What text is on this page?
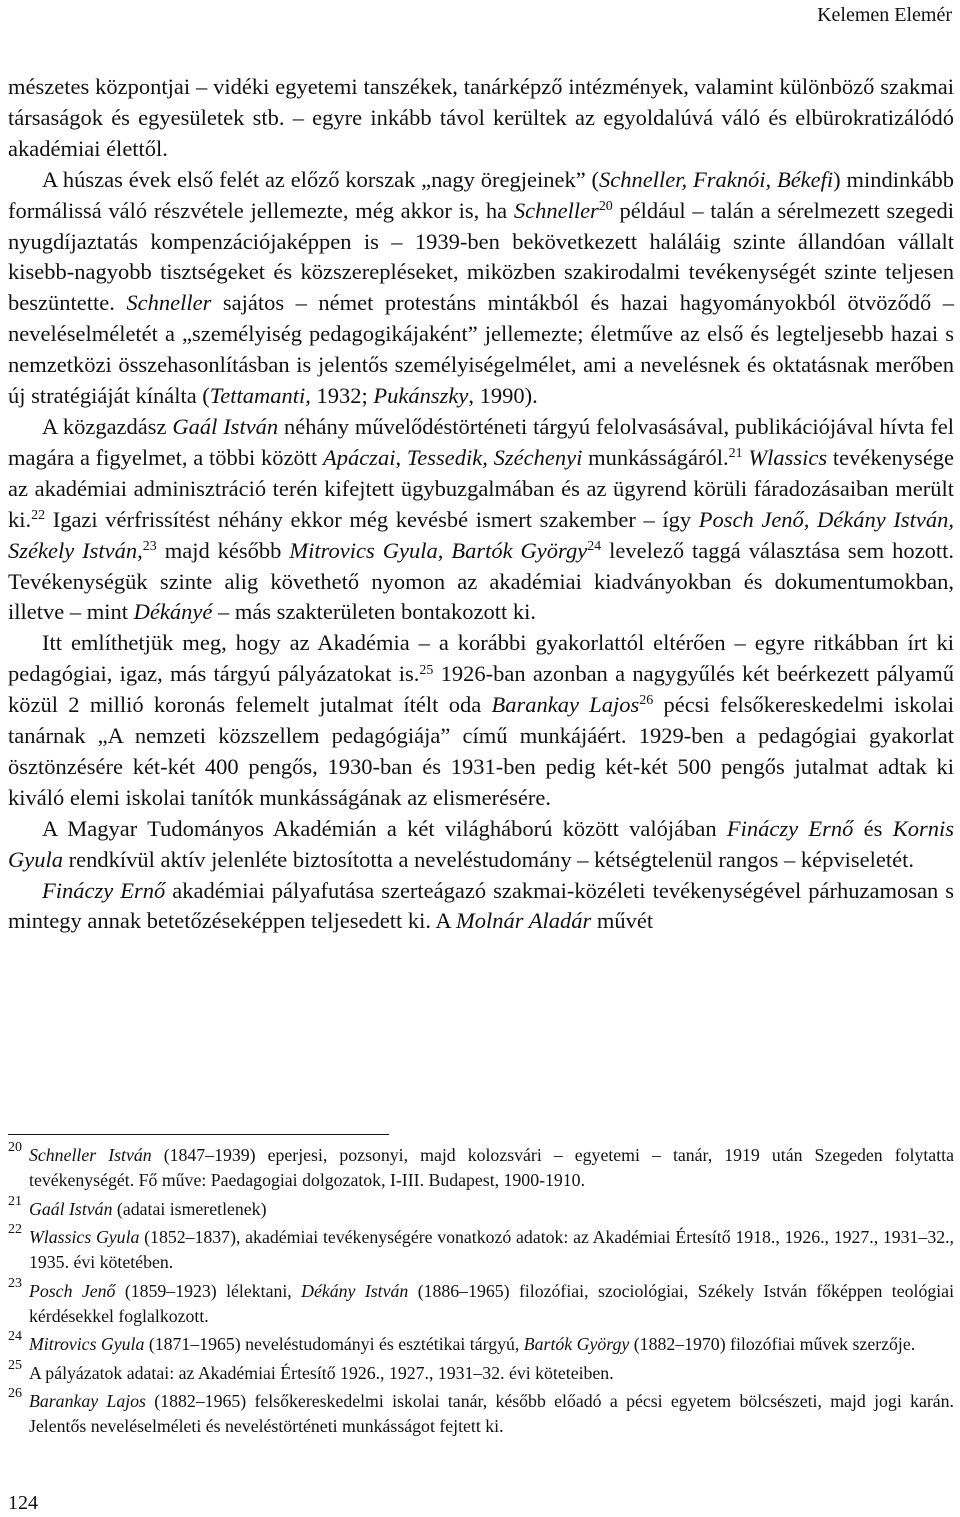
Kelemen Elemér

mészetes központjai – vidéki egyetemi tanszékek, tanárképző intézmények, valamint különböző szakmai társaságok és egyesületek stb. – egyre inkább távol kerültek az egyoldalúvá váló és elbürokratizálódó akadémiai élettől.

A húszas évek első felét az előző korszak „nagy öregjeinek” (Schneller, Fraknói, Békefi) mindinkább formálissá váló részvétele jellemezte, még akkor is, ha Schneller$^{20}$ például – talán a sérelmezett szegedi nyugdíjaztatás kompenzációjaképpen is – 1939-ben bekövetkezett haláláig szinte állandóan vállalt kisebb-nagyobb tisztségeket és közszerepléseket, miközben szakirodalmi tevékenységét szinte teljesen beszüntette. Schneller sajátos – német protestáns mintákból és hazai hagyományokból ötvöződő – neveléselméletét a „személyiség pedagogikájaként” jellemezte; életműve az első és legteljesebb hazai s nemzetközi összehasonlításban is jelentős személyiségelmélet, ami a nevelésnek és oktatásnak merőben új stratégiáját kínálta (Tettamanti, 1932; Pukánszky, 1990).

A közgazdász Gaál István néhány művelődéstörténeti tárgyú felolvasásával, publikációjával hívta fel magára a figyelmet, a többi között Apáczai, Tessedik, Széchenyi munkásságáról.$^{21}$ Wlassics tevékenysége az akadémiai adminisztráció terén kifejtett ügybuzgalmában és az ügyrend körüli fáradozásaiban merült ki.$^{22}$ Igazi vérfrissítést néhány ekkor még kevésbé ismert szakember – így Posch Jenő, Dékány István, Székely István,$^{23}$ majd később Mitrovics Gyula, Bartók György$^{24}$ levelező taggá választása sem hozott. Tevékenységük szinte alig követhető nyomon az akadémiai kiadványokban és dokumentumokban, illetve – mint Dékányé – más szakterületen bontakozott ki.

Itt említhetjük meg, hogy az Akadémia – a korábbi gyakorlattól eltérően – egyre ritkábban írt ki pedagógiai, igaz, más tárgyú pályázatokat is.$^{25}$ 1926-ban azonban a nagygyűlés két beérkezett pályamű közül 2 millió koronás felemelt jutalmat ítélt oda Barankay Lajos$^{26}$ pécsi felsőkereskedelmi iskolai tanárnak „A nemzeti közszellem pedagógiája” című munkájáért. 1929-ben a pedagógiai gyakorlat ösztönzésére két-két 400 pengős, 1930-ban és 1931-ben pedig két-két 500 pengős jutalmat adtak ki kiváló elemi iskolai tanítók munkásságának az elismerésére.

A Magyar Tudományos Akadémián a két világháború között valójában Fináczy Ernő és Kornis Gyula rendkívül aktív jelenléte biztosította a neveléstudomány – kétségtelenül rangos – képviseletét.

Fináczy Ernő akadémiai pályafutása szerteágazó szakmai-közéleti tevékenységével párhuzamosan s mintegy annak betetőzéseképpen teljesedett ki. A Molnár Aladár művét

20 Schneller István (1847–1939) eperjesi, pozsonyi, majd kolozsvári – egyetemi – tanár, 1919 után Szegeden folytatta tevékenységét. Fő műve: Paedagogiai dolgozatok, I-III. Budapest, 1900-1910.
21 Gaál István (adatai ismeretlenek)
22 Wlassics Gyula (1852–1837), akadémiai tevékenységére vonatkozó adatok: az Akadémiai Értesítő 1918., 1926., 1927., 1931–32., 1935. évi kötetében.
23 Posch Jenő (1859–1923) lélektani, Dékány István (1886–1965) filozófiai, szociológiai, Székely István főképpen teológiai kérdésekkel foglalkozott.
24 Mitrovics Gyula (1871–1965) neveléstudományi és esztétikai tárgyú, Bartók György (1882–1970) filozófiai művek szerzője.
25 A pályázatok adatai: az Akadémiai Értesítő 1926., 1927., 1931–32. évi köteteiben.
26 Barankay Lajos (1882–1965) felsőkereskedelmi iskolai tanár, később előadó a pécsi egyetem bölcsészeti, majd jogi karán. Jelentős neveléselméleti és neveléstörténeti munkásságot fejtett ki.
124
